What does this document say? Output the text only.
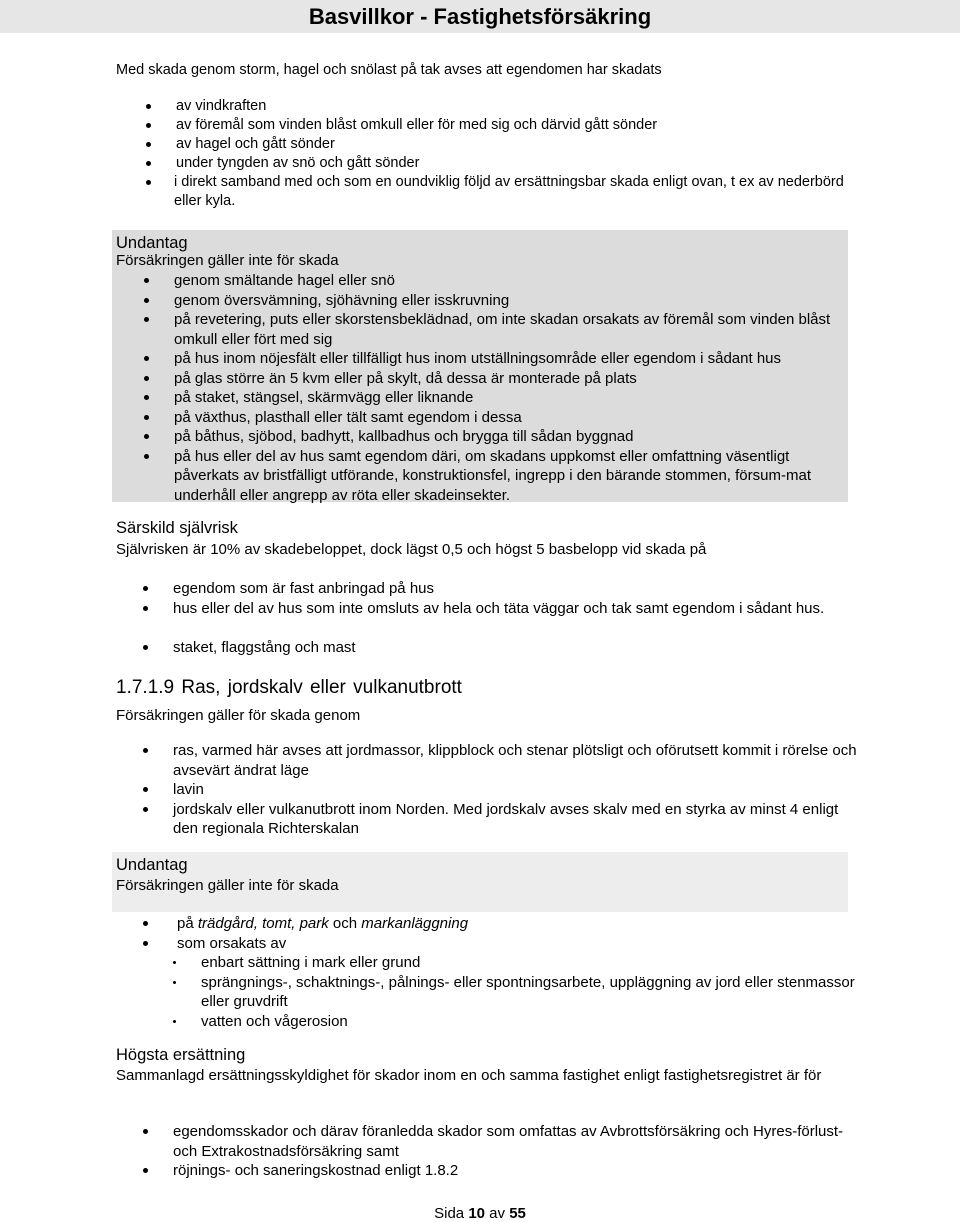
Basvillkor - Fastighetsförsäkring

Med skada genom storm, hagel och snölast på tak avses att egendomen har skadats

av vindkraften
av föremål som vinden blåst omkull eller för med sig och därvid gått sönder
av hagel och gått sönder
under tyngden av snö och gått sönder
i direkt samband med och som en oundviklig följd av ersättningsbar skada enligt ovan, t ex av nederbörd eller kyla.

Undantag

Försäkringen gäller inte för skada

genom smältande hagel eller snö
genom översvämning, sjöhävning eller isskruvning
på revetering, puts eller skorstensbeklädnad, om inte skadan orsakats av föremål som vinden blåst omkull eller fört med sig
på hus inom nöjesfält eller tillfälligt hus inom utställningsområde eller egendom i sådant hus
på glas större än 5 kvm eller på skylt, då dessa är monterade på plats
på staket, stängsel, skärmvägg eller liknande
på växthus, plasthall eller tält samt egendom i dessa
på båthus, sjöbod, badhytt, kallbadhus och brygga till sådan byggnad
på hus eller del av hus samt egendom däri, om skadans uppkomst eller omfattning väsentligt påverkats av bristfälligt utförande, konstruktionsfel, ingrepp i den bärande stommen, försum-mat underhåll eller angrepp av röta eller skadeinsekter.

Särskild självrisk

Självrisken är 10% av skadebeloppet, dock lägst 0,5 och högst 5 basbelopp vid skada på

egendom som är fast anbringad på hus
hus eller del av hus som inte omsluts av hela och täta väggar och tak samt egendom i sådant hus.
staket, flaggstång och mast

1.7.1.9 Ras, jordskalv eller vulkanutbrott

Försäkringen gäller för skada genom

ras, varmed här avses att jordmassor, klippblock och stenar plötsligt och oförutsett kommit i rörelse och avsevärt ändrat läge
lavin
jordskalv eller vulkanutbrott inom Norden. Med jordskalv avses skalv med en styrka av minst 4 enligt den regionala Richterskalan

Undantag

Försäkringen gäller inte för skada

på trädgård, tomt, park och markanläggning
som orsakats av
enbart sättning i mark eller grund
sprängnings-, schaktnings-, pålnings- eller spontningsarbete, uppläggning av jord eller stenmassor eller gruvdrift
vatten och vågerosion

Högsta ersättning

Sammanlagd ersättningsskyldighet för skador inom en och samma fastighet enligt fastighetsregistret är för

egendomsskador och därav föranledda skador som omfattas av Avbrottsförsäkring och Hyres-förlust- och Extrakostnadsförsäkring samt
röjnings- och saneringskostnad enligt 1.8.2
Sida 10 av 55
